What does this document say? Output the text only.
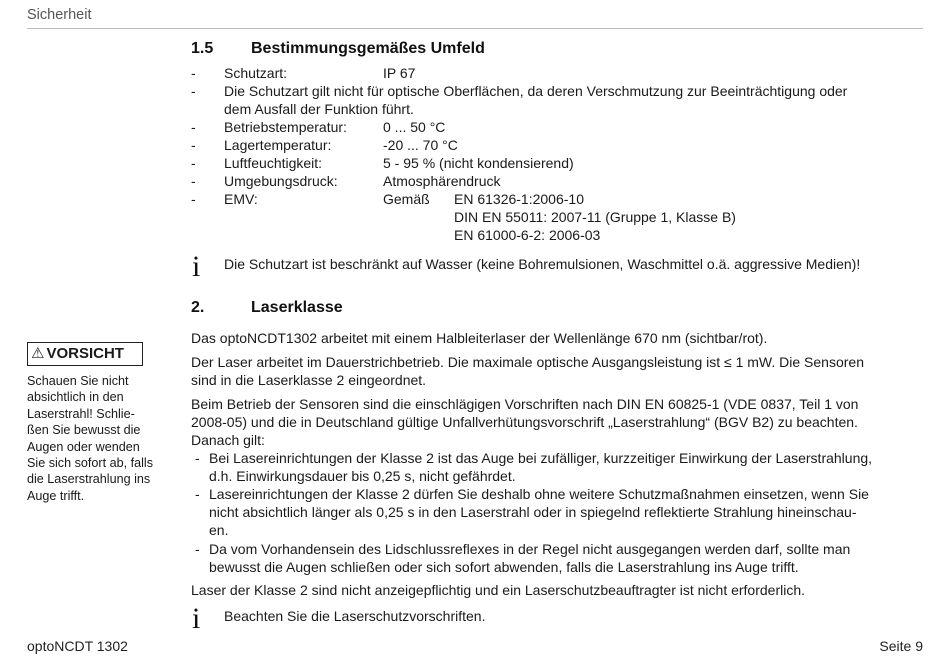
Sicherheit
1.5 Bestimmungsgemäßes Umfeld
- Schutzart:	IP 67
- Die Schutzart gilt nicht für optische Oberflächen, da deren Verschmutzung zur Beeinträchtigung oder
dem Ausfall der Funktion führt.
- Betriebstemperatur:	0 ... 50 °C
- Lagertemperatur:	-20 ... 70 °C
- Luftfeuchtigkeit:	5 - 95 % (nicht kondensierend)
- Umgebungsdruck:	Atmosphärendruck
- EMV:	Gemäß EN 61326-1:2006-10
DIN EN 55011: 2007-11 (Gruppe 1, Klasse B)
EN 61000-6-2: 2006-03
i Die Schutzart ist beschränkt auf Wasser (keine Bohremulsionen, Waschmittel o.ä. aggressive Medien)!
2.	Laserklasse
Das optoNCDT1302 arbeitet mit einem Halbleiterlaser der Wellenlänge 670 nm (sichtbar/rot).
Der Laser arbeitet im Dauerstrichbetrieb. Die maximale optische Ausgangsleistung ist ≤ 1 mW. Die Sensoren
sind in die Laserklasse 2 eingeordnet.
Beim Betrieb der Sensoren sind die einschlägigen Vorschriften nach DIN EN 60825-1 (VDE 0837, Teil 1 von
2008-05) und die in Deutschland gültige Unfallverhütungsvorschrift „Laserstrahlung“ (BGV B2) zu beachten.
Danach gilt:
- Bei Lasereinrichtungen der Klasse 2 ist das Auge bei zufälliger, kurzzeitiger Einwirkung der Laserstrahlung,
d.h. Einwirkungsdauer bis 0,25 s, nicht gefährdet.
- Lasereinrichtungen der Klasse 2 dürfen Sie deshalb ohne weitere Schutzmaßnahmen einsetzen, wenn Sie
nicht absichtlich länger als 0,25 s in den Laserstrahl oder in spiegelnd reflektierte Strahlung hineinschau-
en.
- Da vom Vorhandensein des Lidschlussreflexes in der Regel nicht ausgegangen werden darf, sollte man
bewusst die Augen schließen oder sich sofort abwenden, falls die Laserstrahlung ins Auge trifft.
Laser der Klasse 2 sind nicht anzeigepflichtig und ein Laserschutzbeauftragter ist nicht erforderlich.
i Beachten Sie die Laserschutzvorschriften.
⚠ VORSICHT
Schauen Sie nicht
absichtlich in den
Laserstrahl! Schlie-
ßen Sie bewusst die
Augen oder wenden
Sie sich sofort ab, falls
die Laserstrahlung ins
Auge trifft.
optoNCDT 1302	Seite 9
